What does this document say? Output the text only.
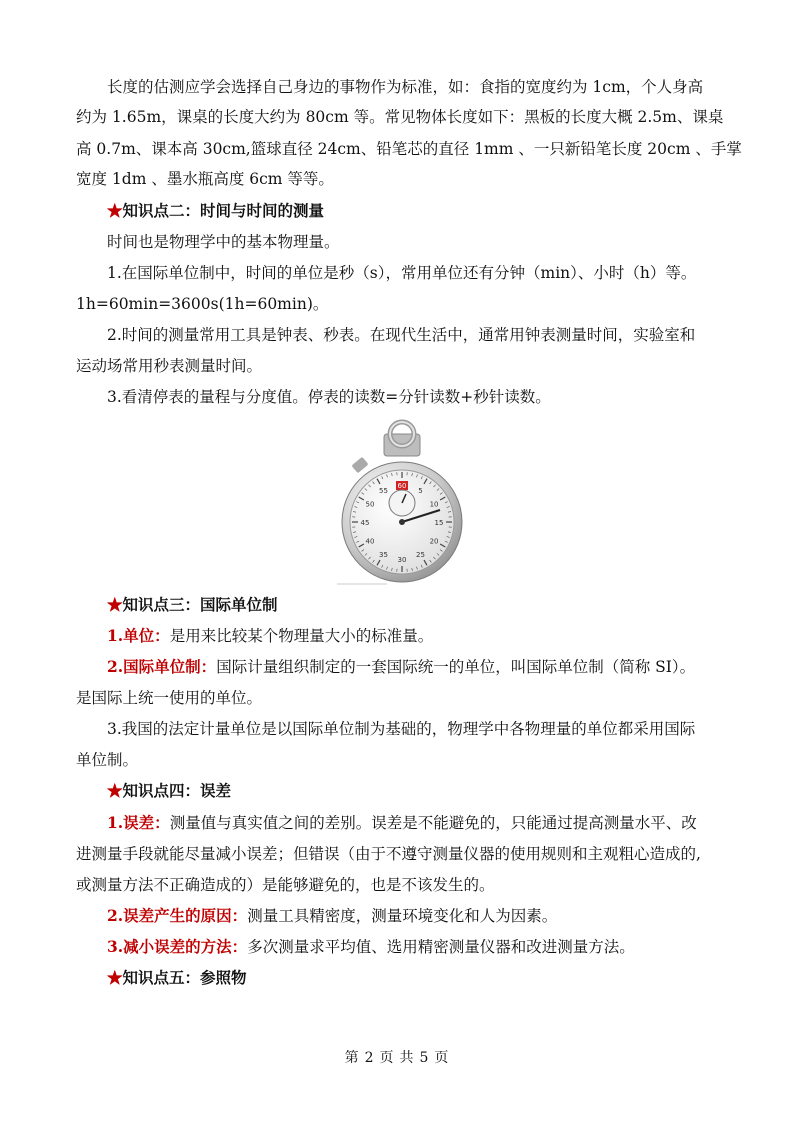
长度的估测应学会选择自己身边的事物作为标准，如：食指的宽度约为 1cm，个人身高
约为 1.65m，课桌的长度大约为 80cm 等。常见物体长度如下：黑板的长度大概 2.5m、课桌
高 0.7m、课本高 30cm,篮球直径 24cm、铅笔芯的直径 1mm 、一只新铅笔长度 20cm 、手掌
宽度 1dm 、墨水瓶高度 6cm 等等。
★知识点二：时间与时间的测量
时间也是物理学中的基本物理量。
1.在国际单位制中，时间的单位是秒（s），常用单位还有分钟（min）、小时（h）等。
1h=60min=3600s(1h=60min)。
2.时间的测量常用工具是钟表、秒表。在现代生活中，通常用钟表测量时间，实验室和
运动场常用秒表测量时间。
3.看清停表的量程与分度值。停表的读数=分针读数+秒针读数。
60
5
10
15
20
25
30
35
40
45
50
55
★知识点三：国际单位制
1.单位：是用来比较某个物理量大小的标准量。
2.国际单位制：国际计量组织制定的一套国际统一的单位，叫国际单位制（简称 SI）。
是国际上统一使用的单位。
3.我国的法定计量单位是以国际单位制为基础的，物理学中各物理量的单位都采用国际
单位制。
★知识点四：误差
1.误差：测量值与真实值之间的差别。误差是不能避免的，只能通过提高测量水平、改
进测量手段就能尽量减小误差；但错误（由于不遵守测量仪器的使用规则和主观粗心造成的,
或测量方法不正确造成的）是能够避免的，也是不该发生的。
2.误差产生的原因：测量工具精密度，测量环境变化和人为因素。
3.减小误差的方法：多次测量求平均值、选用精密测量仪器和改进测量方法。
★知识点五：参照物
第 2 页 共 5 页
